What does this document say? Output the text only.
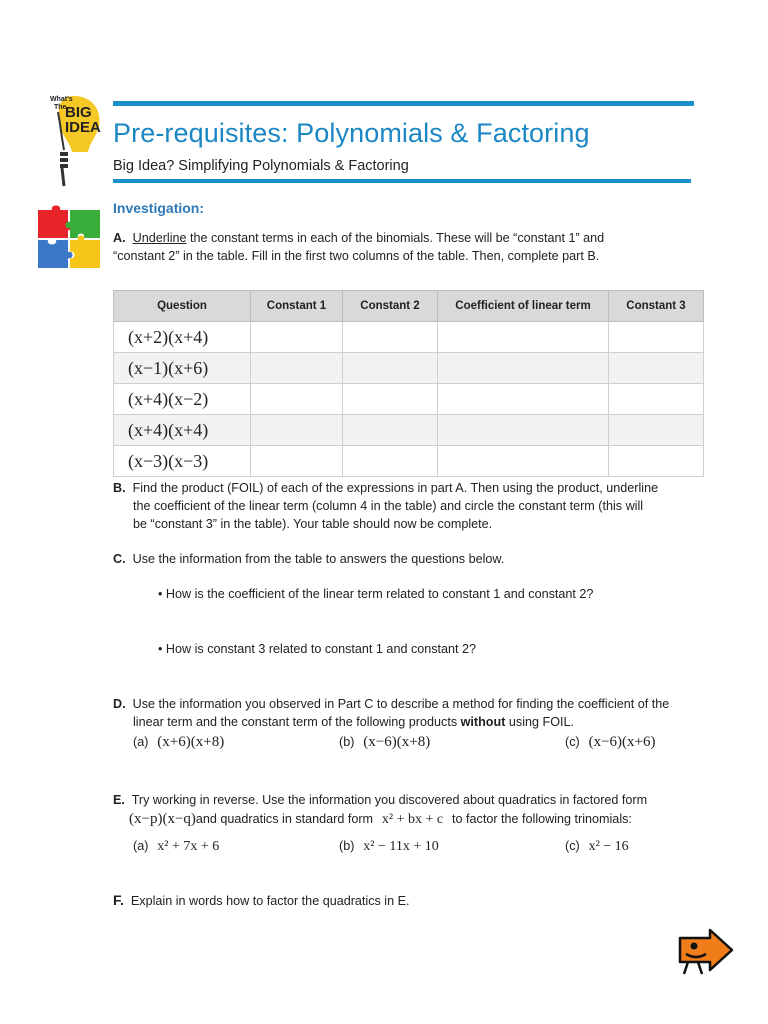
What's
The
BIG
IDEA Pre-requisites: Polynomials & Factoring
Big Idea? Simplifying Polynomials & Factoring
Investigation:
A. Underline the constant terms in each of the binomials. These will be “constant 1” and
“constant 2” in the table. Fill in the first two columns of the table. Then, complete part B.
Question	Constant 1	Constant 2	Coefficient of linear term	Constant 3
(x+2)(x+4)				
(x−1)(x+6)				
(x+4)(x−2)				
(x+4)(x+4)				
(x−3)(x−3)				
B. Find the product (FOIL) of each of the expressions in part A. Then using the product, underline
the coefficient of the linear term (column 4 in the table) and circle the constant term (this will
be “constant 3” in the table). Your table should now be complete.
C. Use the information from the table to answers the questions below.
• How is the coefficient of the linear term related to constant 1 and constant 2?
• How is constant 3 related to constant 1 and constant 2?
D. Use the information you observed in Part C to describe a method for finding the coefficient of the
linear term and the constant term of the following products without using FOIL.
(a) (x+6)(x+8)	(b) (x−6)(x+8)	(c) (x−6)(x+6)
E. Try working in reverse. Use the information you discovered about quadratics in factored form
(x−p)(x−q)and quadratics in standard form x² + bx + c to factor the following trinomials:
(a) x² + 7x + 6	(b) x² − 11x + 10	(c) x² − 16
F. Explain in words how to factor the quadratics in E.
